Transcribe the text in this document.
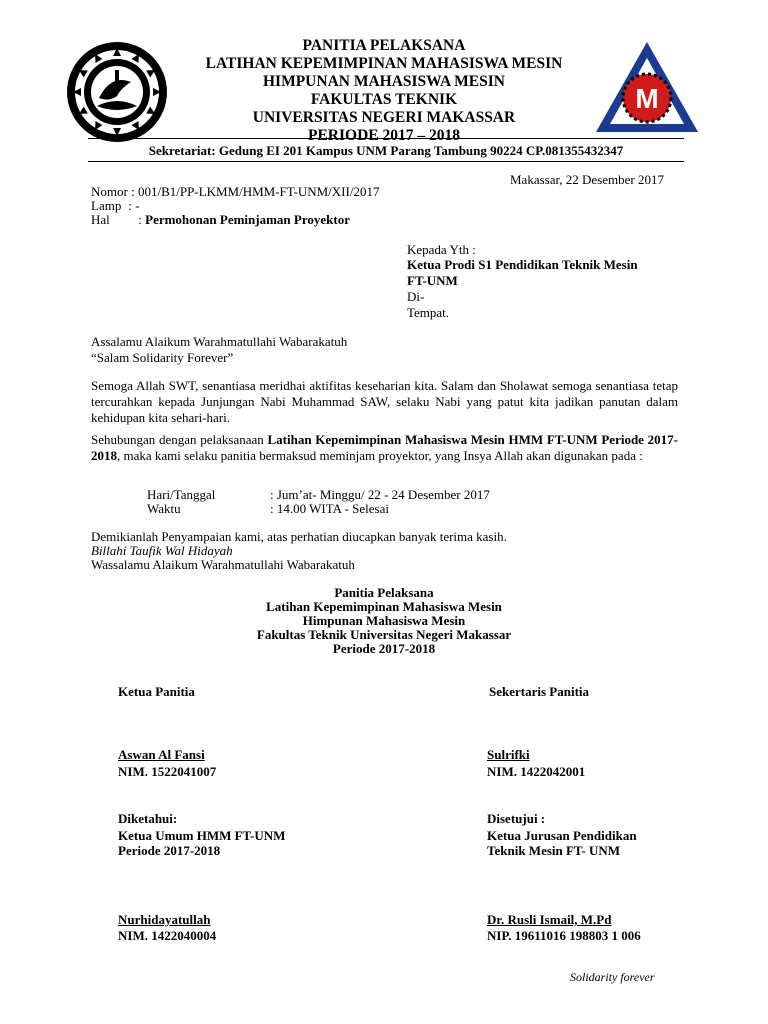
M
PANITIA PELAKSANA
LATIHAN KEPEMIMPINAN MAHASISWA MESIN
HIMPUNAN MAHASISWA MESIN
FAKULTAS TEKNIK
UNIVERSITAS NEGERI MAKASSAR
PERIODE 2017 – 2018
Sekretariat: Gedung EI 201 Kampus UNM Parang Tambung 90224 CP.081355432347
Makassar, 22 Desember 2017
Nomor : 001/B1/PP-LKMM/HMM-FT-UNM/XII/2017
Lamp : -
Hal : Permohonan Peminjaman Proyektor
Kepada Yth :
Ketua Prodi S1 Pendidikan Teknik Mesin
FT-UNM
Di-
Tempat.
Assalamu Alaikum Warahmatullahi Wabarakatuh
“Salam Solidarity Forever”
Semoga Allah SWT, senantiasa meridhai aktifitas keseharian kita. Salam dan Sholawat semoga senantiasa tetap tercurahkan kepada Junjungan Nabi Muhammad SAW, selaku Nabi yang patut kita jadikan panutan dalam kehidupan kita sehari-hari.
Sehubungan dengan pelaksanaan Latihan Kepemimpinan Mahasiswa Mesin HMM FT-UNM Periode 2017-2018, maka kami selaku panitia bermaksud meminjam proyektor, yang Insya Allah akan digunakan pada :
Hari/Tanggal	: Jum’at- Minggu/ 22 - 24 Desember 2017
Waktu	: 14.00 WITA - Selesai
Demikianlah Penyampaian kami, atas perhatian diucapkan banyak terima kasih.
Billahi Taufik Wal Hidayah
Wassalamu Alaikum Warahmatullahi Wabarakatuh
Panitia Pelaksana
Latihan Kepemimpinan Mahasiswa Mesin
Himpunan Mahasiswa Mesin
Fakultas Teknik Universitas Negeri Makassar
Periode 2017-2018
Ketua Panitia	Sekertaris Panitia
Aswan Al Fansi
NIM. 1522041007
Sulrifki
NIM. 1422042001
Diketahui:
Ketua Umum HMM FT-UNM
Periode 2017-2018
Disetujui :
Ketua Jurusan Pendidikan
Teknik Mesin FT- UNM
Nurhidayatullah
NIM. 1422040004
Dr. Rusli Ismail, M.Pd
NIP. 19611016 198803 1 006
Solidarity forever
